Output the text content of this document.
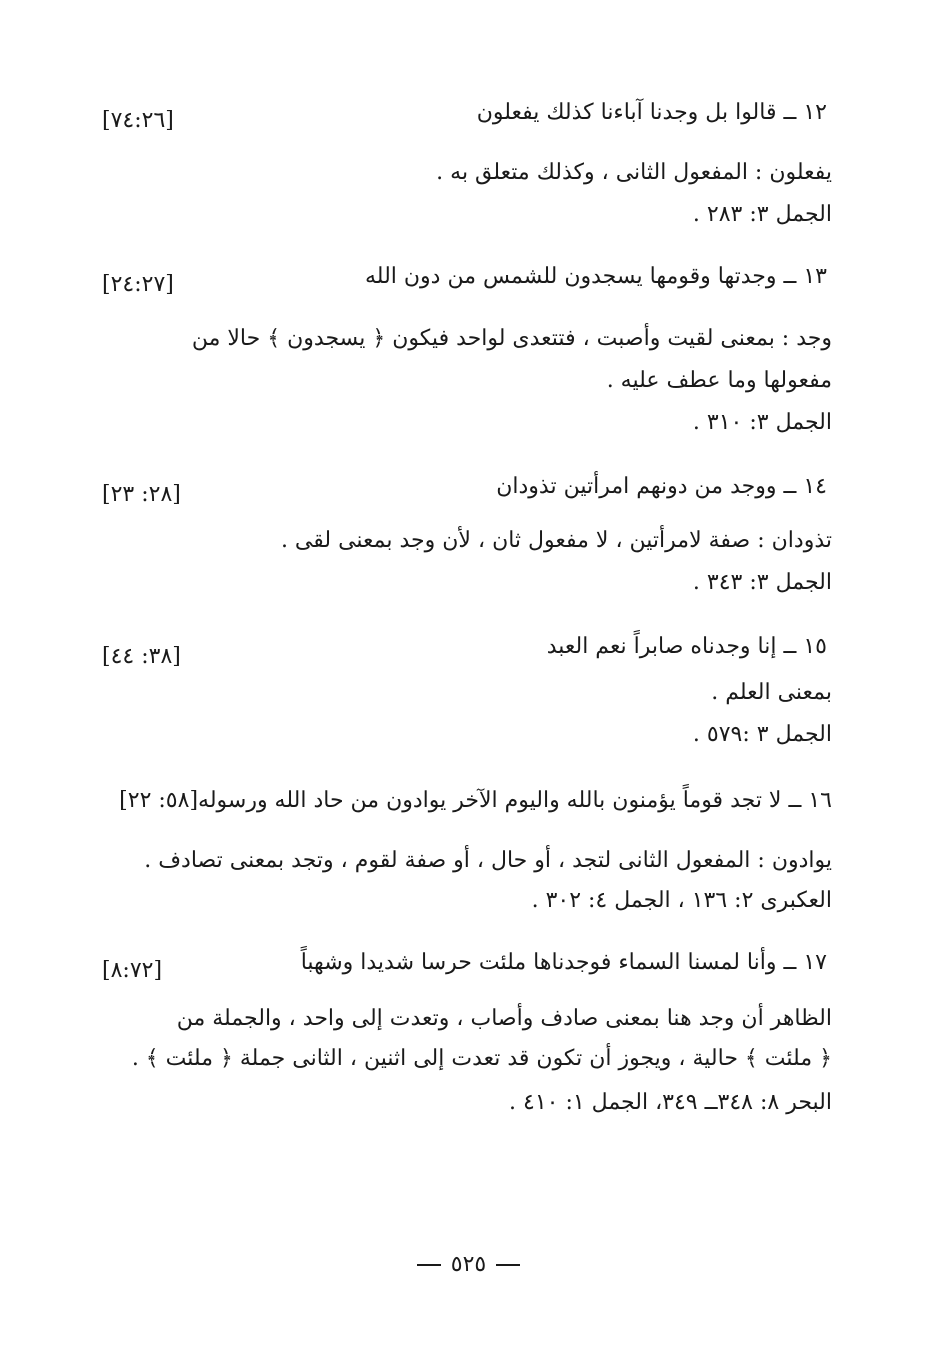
١٢ ــ قالوا بل وجدنا آباءنا كذلك يفعلون
[٧٤:٢٦]
يفعلون : المفعول الثانى ، وكذلك متعلق به .
الجمل ٣: ٢٨٣ .
١٣ ــ وجدتها وقومها يسجدون للشمس من دون الله
[٢٤:٢٧]
وجد : بمعنى لقيت وأصبت ، فتتعدى لواحد فيكون ﴿ يسجدون ﴾ حالا من
مفعولها وما عطف عليه .
الجمل ٣: ٣١٠ .
١٤ ــ ووجد من دونهم امرأتين تذودان
[٢٨: ٢٣]
تذودان : صفة لامرأتين ، لا مفعول ثان ، لأن وجد بمعنى لقى .
الجمل ٣: ٣٤٣ .
١٥ ــ إنا وجدناه صابراً نعم العبد
[٣٨: ٤٤]
بمعنى العلم .
الجمل ٣ :٥٧٩ .
١٦ ــ لا تجد قوماً يؤمنون بالله واليوم الآخر يوادون من حاد الله ورسوله[٥٨: ٢٢]
يوادون : المفعول الثانى لتجد ، أو حال ، أو صفة لقوم ، وتجد بمعنى تصادف .
العكبرى ٢: ١٣٦ ، الجمل ٤: ٣٠٢ .
١٧ ــ وأنا لمسنا السماء فوجدناها ملئت حرسا شديدا وشهباً
[٨:٧٢]
الظاهر أن وجد هنا بمعنى صادف وأصاب ، وتعدت إلى واحد ، والجملة من
﴿ ملئت ﴾ حالية ، ويجوز أن تكون قد تعدت إلى اثنين ، الثانى جملة ﴿ ملئت ﴾ .
البحر ٨: ٣٤٨ــ ٣٤٩، الجمل ١: ٤١٠ .
٥٢٥
